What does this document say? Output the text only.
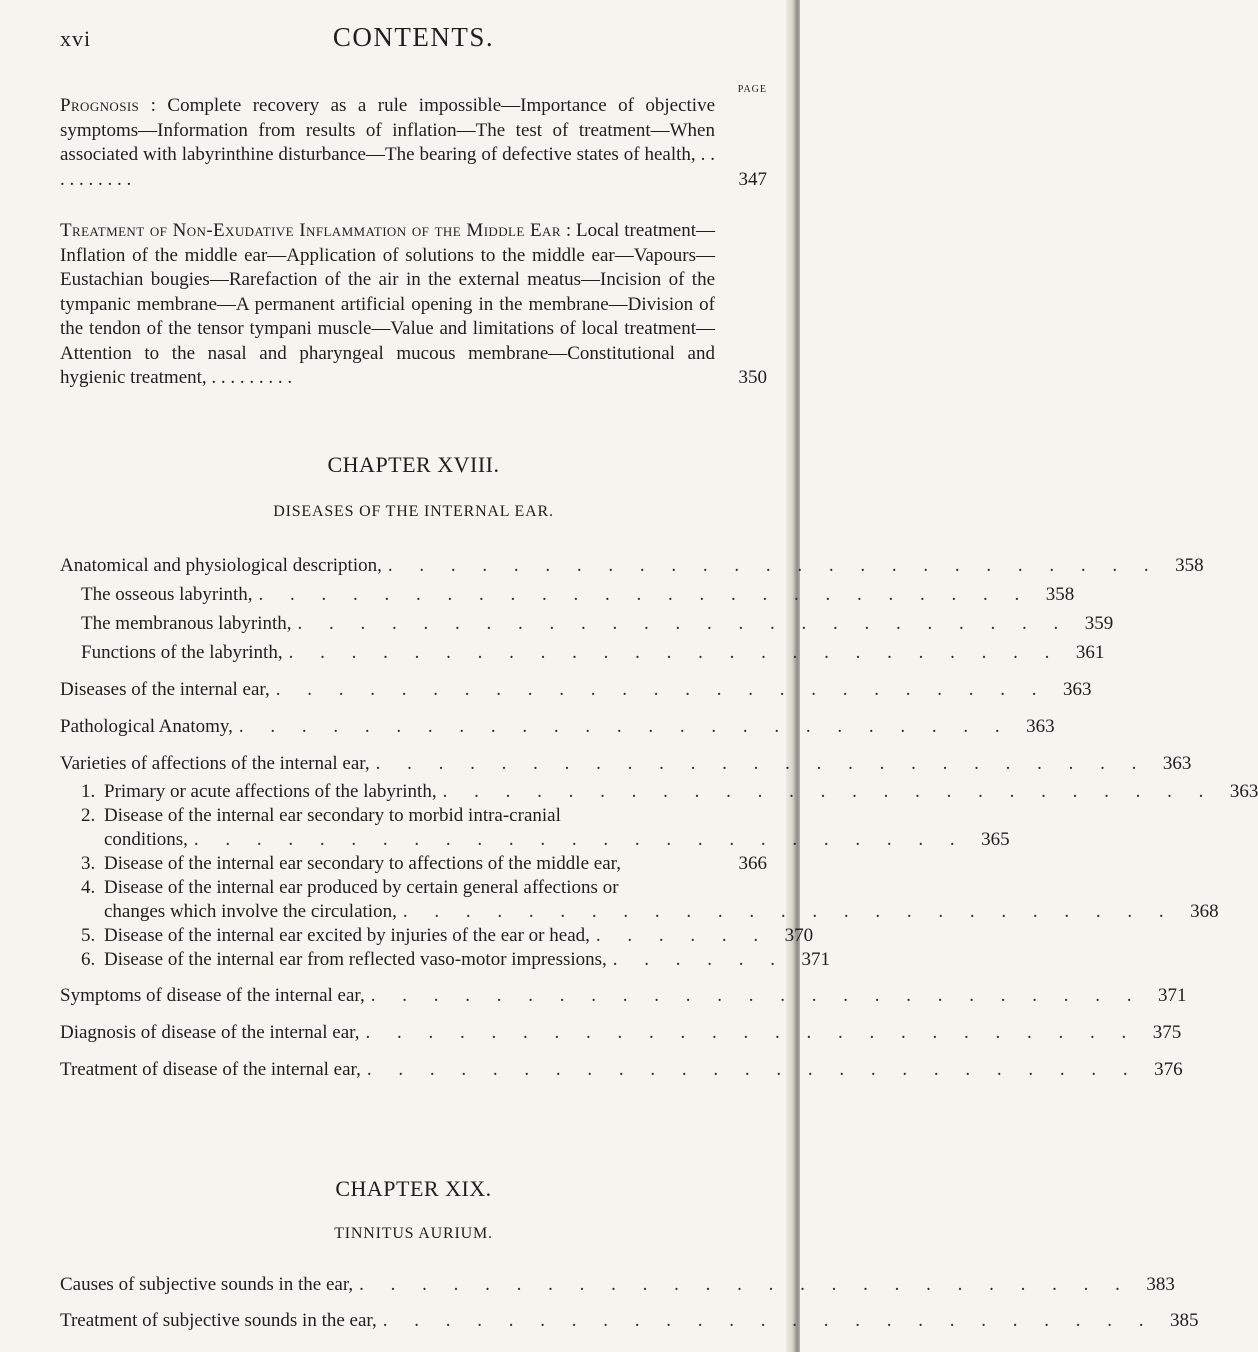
xvi	CONTENTS.
PAGE
Prognosis : Complete recovery as a rule impossible—Importance of objective symptoms—Information from results of inflation—The test of treatment—When associated with labyrinthine disturbance—The bearing of defective states of health, . . . . . . . . . .	347
Treatment of Non-Exudative Inflammation of the Middle Ear : Local treatment—Inflation of the middle ear—Application of solutions to the middle ear—Vapours—Eustachian bougies—Rarefaction of the air in the external meatus—Incision of the tympanic membrane—A permanent artificial opening in the membrane—Division of the tendon of the tensor tympani muscle—Value and limitations of local treatment—Attention to the nasal and pharyngeal mucous membrane—Constitutional and hygienic treatment, . . . . . . . . .	350
CHAPTER XVIII.
DISEASES OF THE INTERNAL EAR.
Anatomical and physiological description, . . . . . . . . . . . . . . . . . . . . . . . . . 358
The osseous labyrinth, . . . . . . . . . . . . . . . . . . . . . . . . . 358
The membranous labyrinth, . . . . . . . . . . . . . . . . . . . . . . . . . 359
Functions of the labyrinth, . . . . . . . . . . . . . . . . . . . . . . . . . 361
Diseases of the internal ear, . . . . . . . . . . . . . . . . . . . . . . . . . 363
Pathological Anatomy, . . . . . . . . . . . . . . . . . . . . . . . . . 363
Varieties of affections of the internal ear, . . . . . . . . . . . . . . . . . . . . . . . . . 363
1. Primary or acute affections of the labyrinth, . . . . . . . . . . . . . . . . . . . . . . . . . 363
2. Disease of the internal ear secondary to morbid intra-cranial
conditions, . . . . . . . . . . . . . . . . . . . . . . . . . 365
3. Disease of the internal ear secondary to affections of the middle ear,	366
4. Disease of the internal ear produced by certain general affections or
changes which involve the circulation, . . . . . . . . . . . . . . . . . . . . . . . . . 368
5. Disease of the internal ear excited by injuries of the ear or head, . . . . . . 370
6. Disease of the internal ear from reflected vaso-motor impressions, . . . . . . 371
Symptoms of disease of the internal ear, . . . . . . . . . . . . . . . . . . . . . . . . . 371
Diagnosis of disease of the internal ear, . . . . . . . . . . . . . . . . . . . . . . . . . 375
Treatment of disease of the internal ear, . . . . . . . . . . . . . . . . . . . . . . . . . 376
CHAPTER XIX.
TINNITUS AURIUM.
Causes of subjective sounds in the ear, . . . . . . . . . . . . . . . . . . . . . . . . . 383
Treatment of subjective sounds in the ear, . . . . . . . . . . . . . . . . . . . . . . . . . 385
